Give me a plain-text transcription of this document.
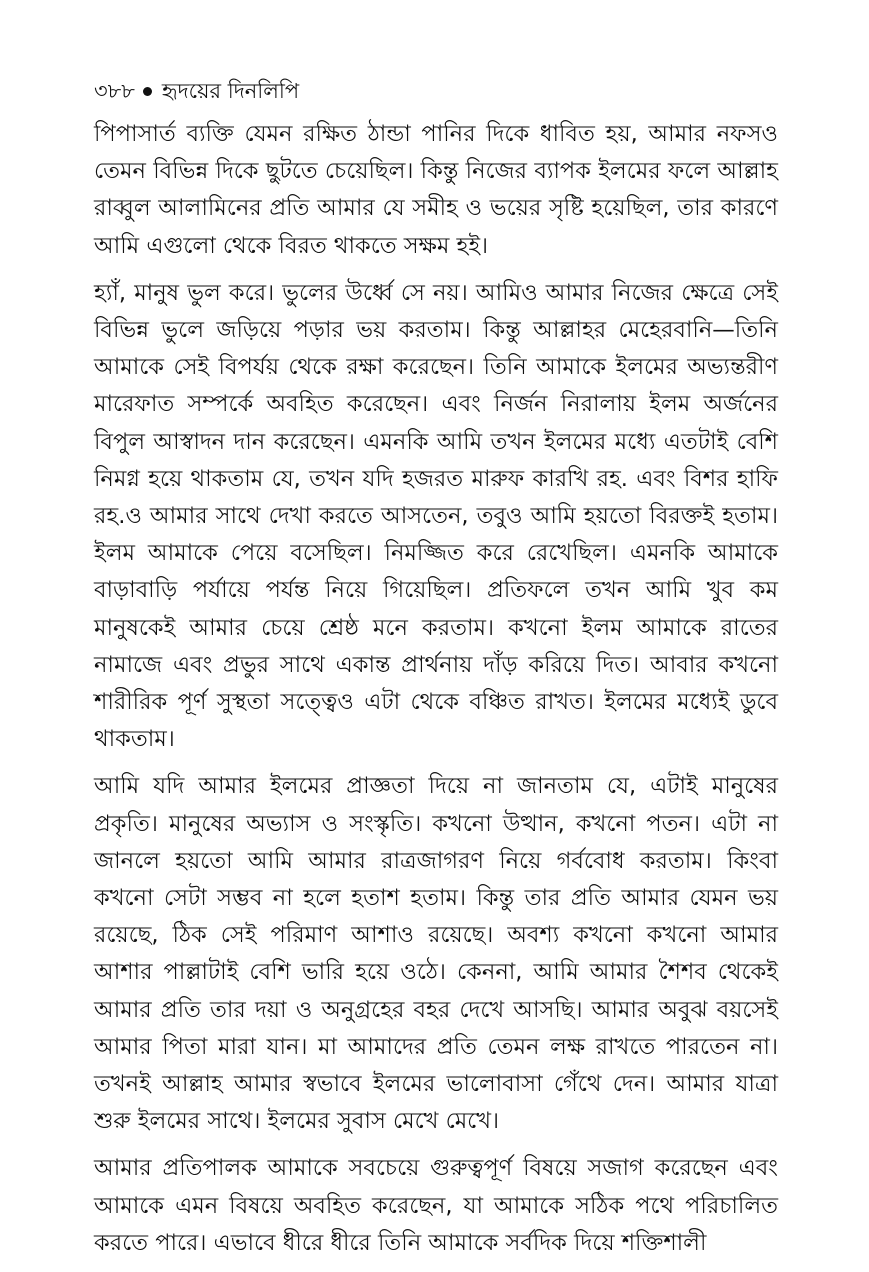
৩৮৮ হৃদয়ের দিনলিপি

পিপাসার্ত ব্যক্তি যেমন রক্ষিত ঠান্ডা পানির দিকে ধাবিত হয়, আমার নফসও তেমন বিভিন্ন দিকে ছুটতে চেয়েছিল। কিন্তু নিজের ব্যাপক ইলমের ফলে আল্লাহ রাব্বুল আলামিনের প্রতি আমার যে সমীহ ও ভয়ের সৃষ্টি হয়েছিল, তার কারণে আমি এগুলো থেকে বিরত থাকতে সক্ষম হই।

হ্যাঁ, মানুষ ভুল করে। ভুলের উর্ধ্বে সে নয়। আমিও আমার নিজের ক্ষেত্রে সেই বিভিন্ন ভুলে জড়িয়ে পড়ার ভয় করতাম। কিন্তু আল্লাহর মেহেরবানি—তিনি আমাকে সেই বিপর্যয় থেকে রক্ষা করেছেন। তিনি আমাকে ইলমের অভ্যন্তরীণ মারেফাত সম্পর্কে অবহিত করেছেন। এবং নির্জন নিরালায় ইলম অর্জনের বিপুল আস্বাদন দান করেছেন। এমনকি আমি তখন ইলমের মধ্যে এতটাই বেশি নিমগ্ন হয়ে থাকতাম যে, তখন যদি হজরত মারুফ কারখি রহ. এবং বিশর হাফি রহ.ও আমার সাথে দেখা করতে আসতেন, তবুও আমি হয়তো বিরক্তই হতাম। ইলম আমাকে পেয়ে বসেছিল। নিমজ্জিত করে রেখেছিল। এমনকি আমাকে বাড়াবাড়ি পর্যায়ে পর্যন্ত নিয়ে গিয়েছিল। প্রতিফলে তখন আমি খুব কম মানুষকেই আমার চেয়ে শ্রেষ্ঠ মনে করতাম। কখনো ইলম আমাকে রাতের নামাজে এবং প্রভুর সাথে একান্ত প্রার্থনায় দাঁড় করিয়ে দিত। আবার কখনো শারীরিক পূর্ণ সুস্থতা সত্ত্বেও এটা থেকে বঞ্চিত রাখত। ইলমের মধ্যেই ডুবে থাকতাম।

আমি যদি আমার ইলমের প্রাজ্ঞতা দিয়ে না জানতাম যে, এটাই মানুষের প্রকৃতি। মানুষের অভ্যাস ও সংস্কৃতি। কখনো উত্থান, কখনো পতন। এটা না জানলে হয়তো আমি আমার রাত্রজাগরণ নিয়ে গর্ববোধ করতাম। কিংবা কখনো সেটা সম্ভব না হলে হতাশ হতাম। কিন্তু তার প্রতি আমার যেমন ভয় রয়েছে, ঠিক সেই পরিমাণ আশাও রয়েছে। অবশ্য কখনো কখনো আমার আশার পাল্লাটাই বেশি ভারি হয়ে ওঠে। কেননা, আমি আমার শৈশব থেকেই আমার প্রতি তার দয়া ও অনুগ্রহের বহর দেখে আসছি। আমার অবুঝ বয়সেই আমার পিতা মারা যান। মা আমাদের প্রতি তেমন লক্ষ রাখতে পারতেন না। তখনই আল্লাহ আমার স্বভাবে ইলমের ভালোবাসা গেঁথে দেন। আমার যাত্রা শুরু ইলমের সাথে। ইলমের সুবাস মেখে মেখে।

আমার প্রতিপালক আমাকে সবচেয়ে গুরুত্বপূর্ণ বিষয়ে সজাগ করেছেন এবং আমাকে এমন বিষয়ে অবহিত করেছেন, যা আমাকে সঠিক পথে পরিচালিত করতে পারে। এভাবে ধীরে ধীরে তিনি আমাকে সর্বদিক দিয়ে শক্তিশালী
